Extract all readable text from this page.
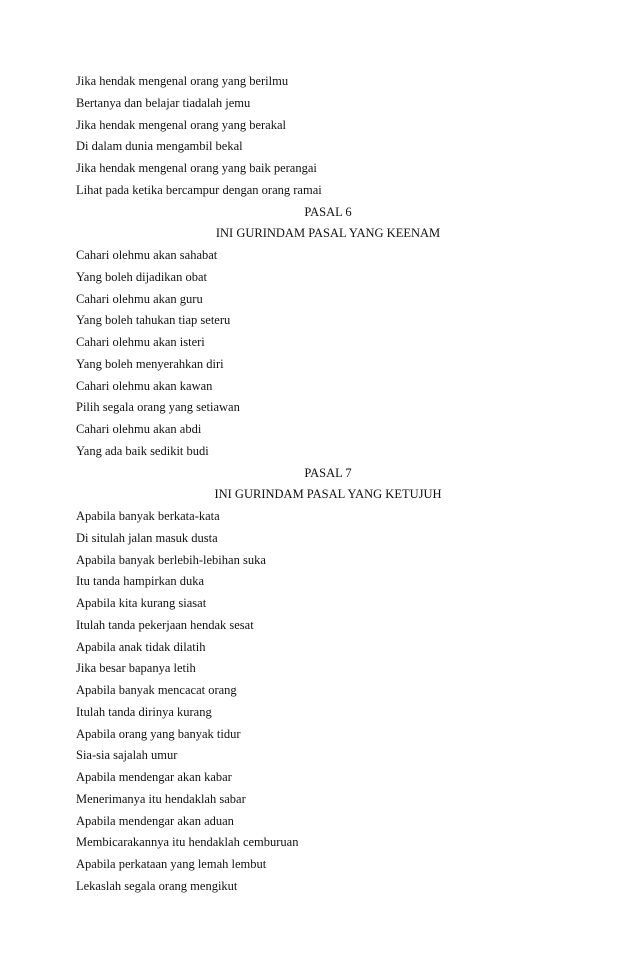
Jika hendak mengenal orang yang berilmu
Bertanya dan belajar tiadalah jemu
Jika hendak mengenal orang yang berakal
Di dalam dunia mengambil bekal
Jika hendak mengenal orang yang baik perangai
Lihat pada ketika bercampur dengan orang ramai
PASAL 6
INI GURINDAM PASAL YANG KEENAM
Cahari olehmu akan sahabat
Yang boleh dijadikan obat
Cahari olehmu akan guru
Yang boleh tahukan tiap seteru
Cahari olehmu akan isteri
Yang boleh menyerahkan diri
Cahari olehmu akan kawan
Pilih segala orang yang setiawan
Cahari olehmu akan abdi
Yang ada baik sedikit budi
PASAL 7
INI GURINDAM PASAL YANG KETUJUH
Apabila banyak berkata-kata
Di situlah jalan masuk dusta
Apabila banyak berlebih-lebihan suka
Itu tanda hampirkan duka
Apabila kita kurang siasat
Itulah tanda pekerjaan hendak sesat
Apabila anak tidak dilatih
Jika besar bapanya letih
Apabila banyak mencacat orang
Itulah tanda dirinya kurang
Apabila orang yang banyak tidur
Sia-sia sajalah umur
Apabila mendengar akan kabar
Menerimanya itu hendaklah sabar
Apabila mendengar akan aduan
Membicarakannya itu hendaklah cemburuan
Apabila perkataan yang lemah lembut
Lekaslah segala orang mengikut
